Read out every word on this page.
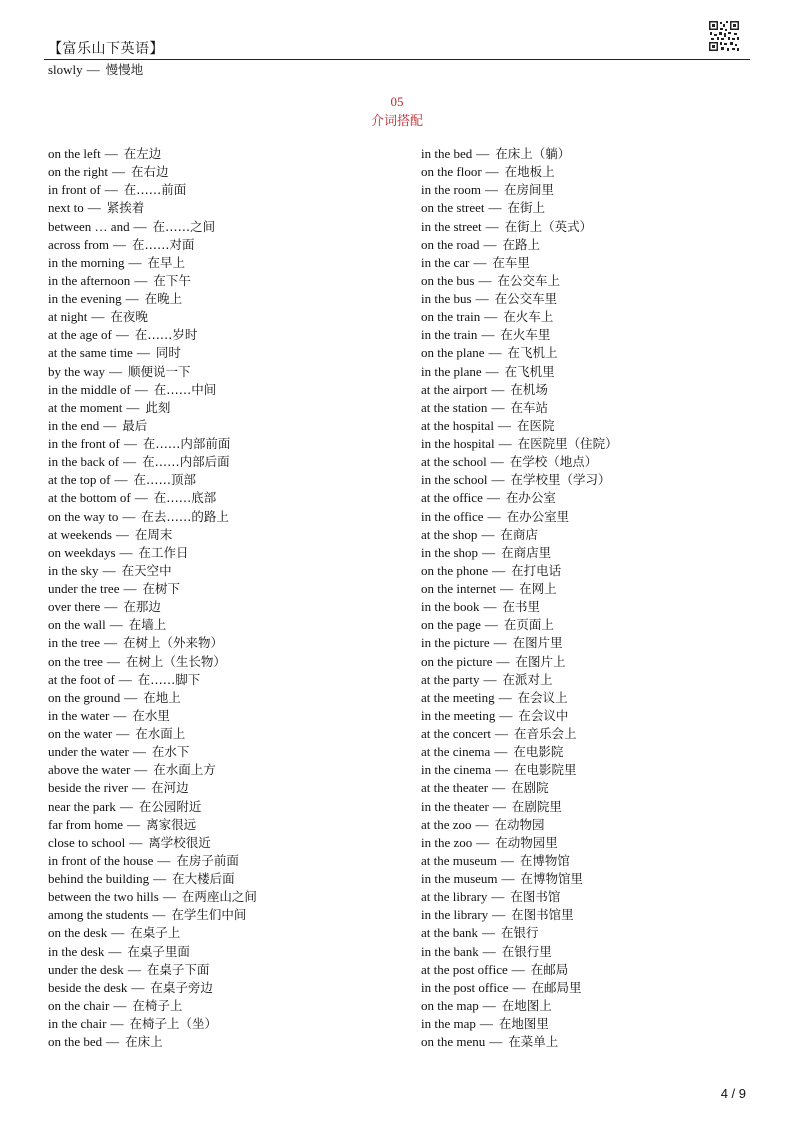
【富乐山下英语】
slowly — 慢慢地
05
介词搭配
on the left — 在左边
on the right — 在右边
in front of — 在……前面
next to — 紧挨着
between … and — 在……之间
across from — 在……对面
in the morning — 在早上
in the afternoon — 在下午
in the evening — 在晚上
at night — 在夜晚
at the age of — 在……岁时
at the same time — 同时
by the way — 顺便说一下
in the middle of — 在……中间
at the moment — 此刻
in the end — 最后
in the front of — 在……内部前面
in the back of — 在……内部后面
at the top of — 在……顶部
at the bottom of — 在……底部
on the way to — 在去……的路上
at weekends — 在周末
on weekdays — 在工作日
in the sky — 在天空中
under the tree — 在树下
over there — 在那边
on the wall — 在墙上
in the tree — 在树上（外来物）
on the tree — 在树上（生长物）
at the foot of — 在……脚下
on the ground — 在地上
in the water — 在水里
on the water — 在水面上
under the water — 在水下
above the water — 在水面上方
beside the river — 在河边
near the park — 在公园附近
far from home — 离家很远
close to school — 离学校很近
in front of the house — 在房子前面
behind the building — 在大楼后面
between the two hills — 在两座山之间
among the students — 在学生们中间
on the desk — 在桌子上
in the desk — 在桌子里面
under the desk — 在桌子下面
beside the desk — 在桌子旁边
on the chair — 在椅子上
in the chair — 在椅子上（坐）
on the bed — 在床上
in the bed — 在床上（躺）
on the floor — 在地板上
in the room — 在房间里
on the street — 在街上
in the street — 在街上（英式）
on the road — 在路上
in the car — 在车里
on the bus — 在公交车上
in the bus — 在公交车里
on the train — 在火车上
in the train — 在火车里
on the plane — 在飞机上
in the plane — 在飞机里
at the airport — 在机场
at the station — 在车站
at the hospital — 在医院
in the hospital — 在医院里（住院）
at the school — 在学校（地点）
in the school — 在学校里（学习）
at the office — 在办公室
in the office — 在办公室里
at the shop — 在商店
in the shop — 在商店里
on the phone — 在打电话
on the internet — 在网上
in the book — 在书里
on the page — 在页面上
in the picture — 在图片里
on the picture — 在图片上
at the party — 在派对上
at the meeting — 在会议上
in the meeting — 在会议中
at the concert — 在音乐会上
at the cinema — 在电影院
in the cinema — 在电影院里
at the theater — 在剧院
in the theater — 在剧院里
at the zoo — 在动物园
in the zoo — 在动物园里
at the museum — 在博物馆
in the museum — 在博物馆里
at the library — 在图书馆
in the library — 在图书馆里
at the bank — 在银行
in the bank — 在银行里
at the post office — 在邮局
in the post office — 在邮局里
on the map — 在地图上
in the map — 在地图里
on the menu — 在菜单上
4 / 9
